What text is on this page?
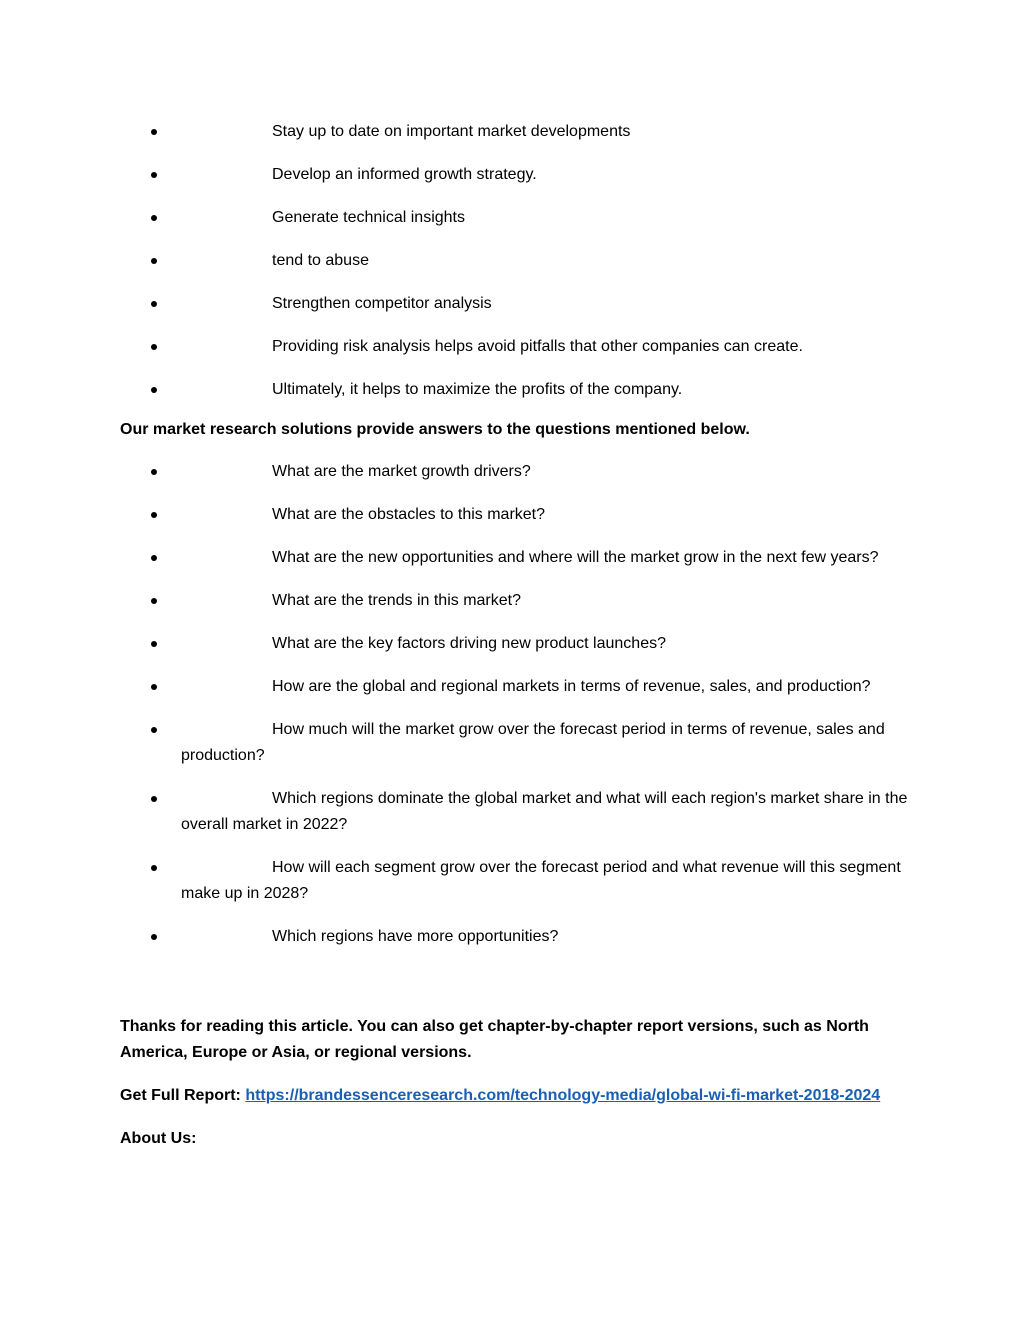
Stay up to date on important market developments
Develop an informed growth strategy.
Generate technical insights
tend to abuse
Strengthen competitor analysis
Providing risk analysis helps avoid pitfalls that other companies can create.
Ultimately, it helps to maximize the profits of the company.

Our market research solutions provide answers to the questions mentioned below.

What are the market growth drivers?
What are the obstacles to this market?
What are the new opportunities and where will the market grow in the next few years?
What are the trends in this market?
What are the key factors driving new product launches?
How are the global and regional markets in terms of revenue, sales, and production?
How much will the market grow over the forecast period in terms of revenue, sales and production?
Which regions dominate the global market and what will each region's market share in the overall market in 2022?
How will each segment grow over the forecast period and what revenue will this segment make up in 2028?
Which regions have more opportunities?

Thanks for reading this article. You can also get chapter-by-chapter report versions, such as North America, Europe or Asia, or regional versions.

Get Full Report: https://brandessenceresearch.com/technology-media/global-wi-fi-market-2018-2024

About Us:
